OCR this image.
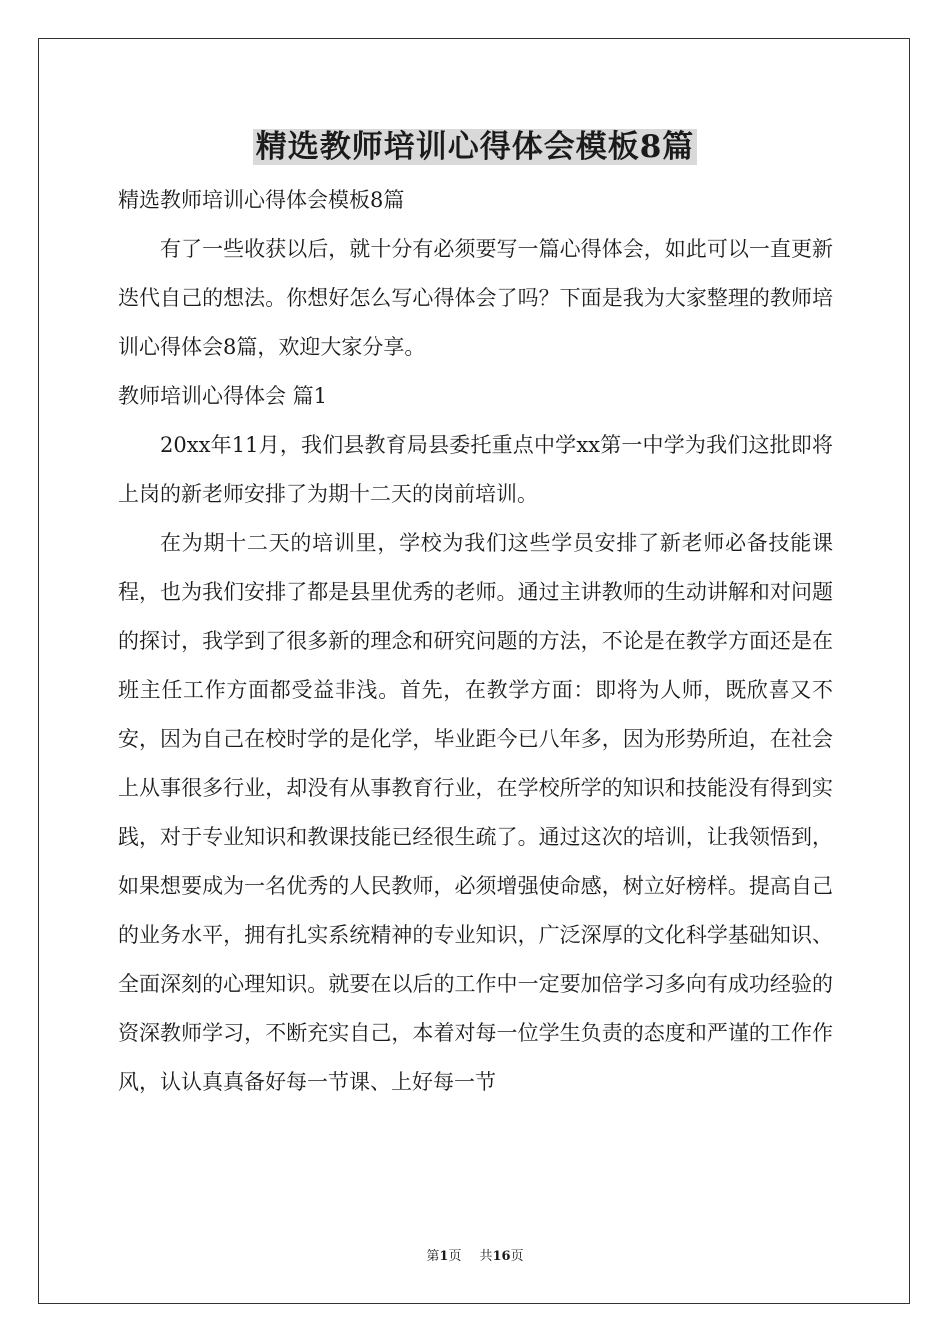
精选教师培训心得体会模板8篇

精选教师培训心得体会模板8篇

有了一些收获以后，就十分有必须要写一篇心得体会，如此可以一直更新迭代自己的想法。你想好怎么写心得体会了吗？下面是我为大家整理的教师培训心得体会8篇，欢迎大家分享。

教师培训心得体会 篇1

20xx年11月，我们县教育局县委托重点中学xx第一中学为我们这批即将上岗的新老师安排了为期十二天的岗前培训。

在为期十二天的培训里，学校为我们这些学员安排了新老师必备技能课程，也为我们安排了都是县里优秀的老师。通过主讲教师的生动讲解和对问题的探讨，我学到了很多新的理念和研究问题的方法，不论是在教学方面还是在班主任工作方面都受益非浅。首先，在教学方面：即将为人师，既欣喜又不安，因为自己在校时学的是化学，毕业距今已八年多，因为形势所迫，在社会上从事很多行业，却没有从事教育行业，在学校所学的知识和技能没有得到实践，对于专业知识和教课技能已经很生疏了。通过这次的培训，让我领悟到，如果想要成为一名优秀的人民教师，必须增强使命感，树立好榜样。提高自己的业务水平，拥有扎实系统精神的专业知识，广泛深厚的文化科学基础知识、全面深刻的心理知识。就要在以后的工作中一定要加倍学习多向有成功经验的资深教师学习，不断充实自己，本着对每一位学生负责的态度和严谨的工作作风，认认真真备好每一节课、上好每一节

第1页 共16页
